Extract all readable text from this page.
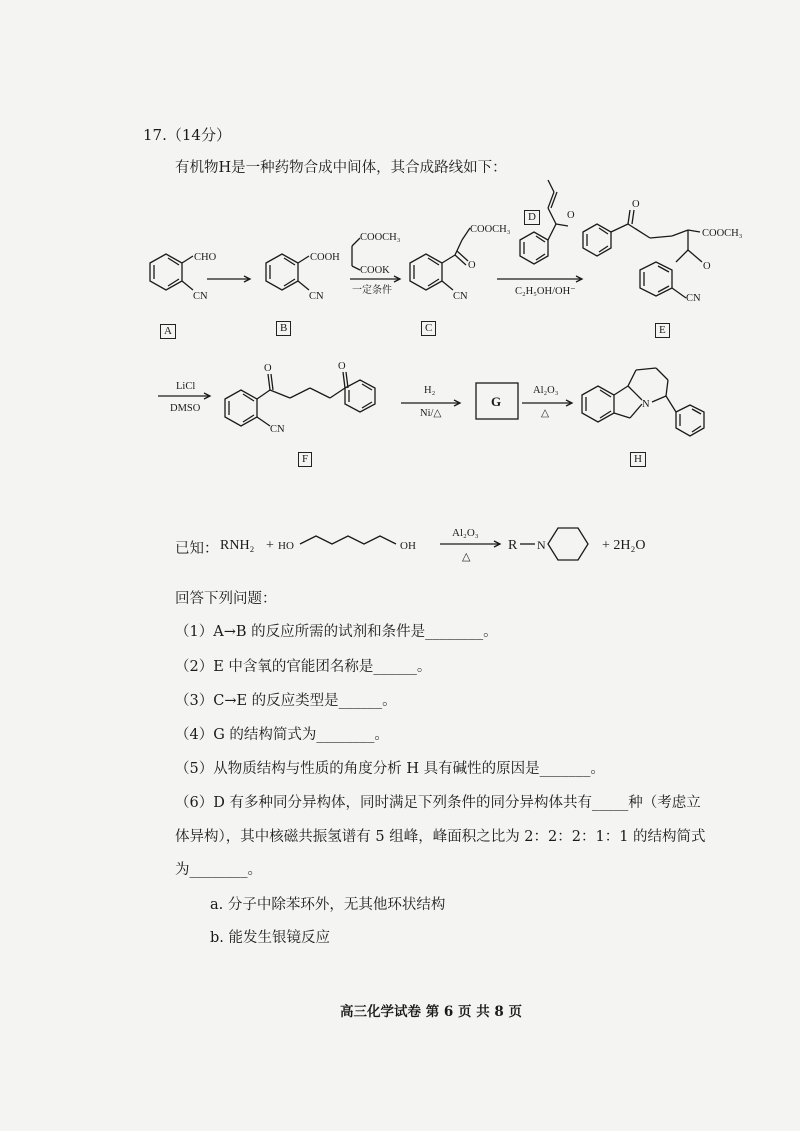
17.（14分）
有机物H是一种药物合成中间体，其合成路线如下：
CHO
CN
COOH
CN
COOCH₃
COOK
一定条件
COOCH₃
O
CN
O
C₂H₅OH/OH⁻
O
COOCH₃
O
CN
LiCl
DMSO
O	O
CN
H₂
Ni/△
G
Al₂O₃
△
N
RNH₂ + HO	OH
Al₂O₃
△
R N	+ 2H₂O
A	B	C
D
E
F	H
已知：
回答下列问题：
（1）A→B 的反应所需的试剂和条件是________。
（2）E 中含氧的官能团名称是______。
（3）C→E 的反应类型是______。
（4）G 的结构简式为________。
（5）从物质结构与性质的角度分析 H 具有碱性的原因是_______。
（6）D 有多种同分异构体，同时满足下列条件的同分异构体共有_____种（考虑立
体异构），其中核磁共振氢谱有 5 组峰，峰面积之比为 2：2：2：1：1 的结构简式
为________。
a. 分子中除苯环外，无其他环状结构
b. 能发生银镜反应
高三化学试卷 第 6 页 共 8 页
